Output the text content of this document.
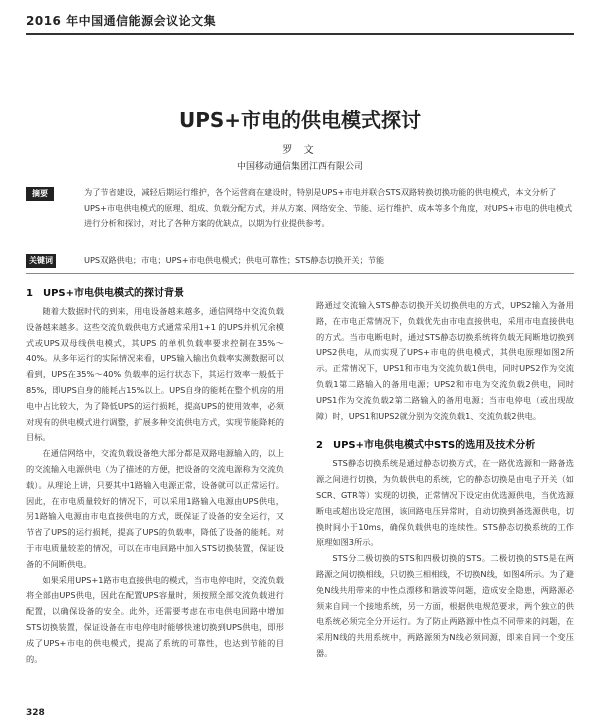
2016 年中国通信能源会议论文集
UPS+市电的供电模式探讨
罗 文
中国移动通信集团江西有限公司
摘要	为了节省建设，减轻后期运行维护，各个运营商在建设时，特别是UPS+市电并联合STS双路转换切换功能的供电模式，本文分析了UPS+市电供电模式的原理、组成、负载分配方式，并从方案、网络安全、节能、运行维护、成本等多个角度，对UPS+市电的供电模式进行分析和探讨，对比了各种方案的优缺点，以期为行业提供参考。
关键词	UPS双路供电；市电；UPS+市电供电模式；供电可靠性；STS静态切换开关；节能
1　UPS+市电供电模式的探讨背景

随着大数据时代的到来，用电设备越来越多，通信网络中交流负载设备越来越多。这些交流负载供电方式通常采用1+1 的UPS并机冗余模式或UPS双母线供电模式，其UPS 的单机负载率要求控制在35%～40%。从多年运行的实际情况来看，UPS输入输出负载率实测数据可以看到，UPS在35%～40% 负载率的运行状态下，其运行效率一般低于85%，即UPS自身的能耗占15%以上。UPS自身的能耗在整个机房的用电中占比较大，为了降低UPS的运行损耗，提高UPS的使用效率，必须对现有的供电模式进行调整，扩展多种交流供电方式，实现节能降耗的目标。

在通信网络中，交流负载设备绝大部分都是双路电源输入的，以上的交流输入电源供电（为了描述的方便，把设备的交流电源称为交流负载）。从理论上讲，只要其中1路输入电源正常，设备就可以正常运行。因此，在市电质量较好的情况下，可以采用1路输入电源由UPS供电，另1路输入电源由市电直接供电的方式，既保证了设备的安全运行，又节省了UPS的运行损耗，提高了UPS的负载率，降低了设备的能耗。对于市电质量较差的情况，可以在市电回路中加入STS切换装置，保证设备的不间断供电。

如果采用UPS+1路市电直接供电的模式，当市电停电时，交流负载将全部由UPS供电，因此在配置UPS容量时，须按照全部交流负载进行配置，以确保设备的安全。此外，还需要考虑在市电供电回路中增加STS切换装置，保证设备在市电停电时能够快速切换到UPS供电，即形成了UPS+市电的供电模式，提高了系统的可靠性，也达到节能的目的。

路通过交流输入STS静态切换开关切换供电的方式，UPS2输入为备用路，在市电正常情况下，负载优先由市电直接供电，采用市电直接供电的方式。当市电断电时，通过STS静态切换系统将负载无间断地切换到UPS2供电，从而实现了UPS+市电的供电模式，其供电原理如图2所示。正常情况下，UPS1和市电为交流负载1供电，同时UPS2作为交流负载1第二路输入的备用电源；UPS2和市电为交流负载2供电，同时UPS1作为交流负载2第二路输入的备用电源；当市电停电（或出现故障）时，UPS1和UPS2就分别为交流负载1、交流负载2供电。

2　UPS+市电供电模式中STS的选用及技术分析

STS静态切换系统是通过静态切换方式，在一路优选源和一路备选源之间进行切换，为负载供电的系统，它的静态切换是由电子开关（如SCR、GTR等）实现的切换，正常情况下设定由优选源供电，当优选源断电或超出设定范围，该回路电压异常时，自动切换到备选源供电，切换时间小于10ms，确保负载供电的连续性。STS静态切换系统的工作原理如图3所示。

STS分二极切换的STS和四极切换的STS。二极切换的STS是在两路源之间切换相线，只切换三相相线，不切换N线，如图4所示。为了避免N线共用带来的中性点漂移和谐波等问题，造成安全隐患，两路源必须来自同一个接地系统，另一方面，根据供电规范要求，两个独立的供电系统必须完全分开运行。为了防止两路源中性点不同带来的问题，在采用N线的共用系统中，两路源须为N线必须同源，即来自同一个变压器。

328
